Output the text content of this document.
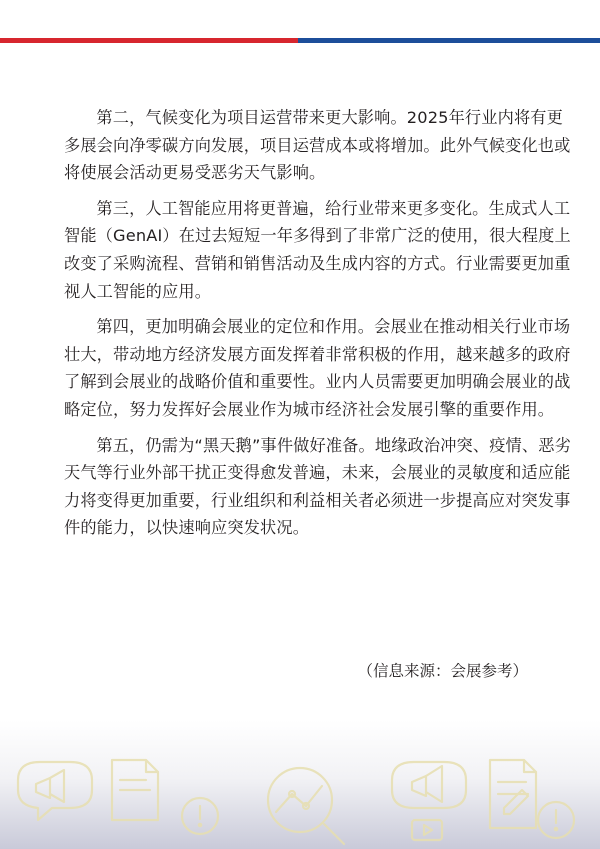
第二，气候变化为项目运营带来更大影响。2025年行业内将有更多展会向净零碳方向发展，项目运营成本或将增加。此外气候变化也或将使展会活动更易受恶劣天气影响。

第三，人工智能应用将更普遍，给行业带来更多变化。生成式人工智能（GenAI）在过去短短一年多得到了非常广泛的使用，很大程度上改变了采购流程、营销和销售活动及生成内容的方式。行业需要更加重视人工智能的应用。

第四，更加明确会展业的定位和作用。会展业在推动相关行业市场壮大，带动地方经济发展方面发挥着非常积极的作用，越来越多的政府了解到会展业的战略价值和重要性。业内人员需要更加明确会展业的战略定位，努力发挥好会展业作为城市经济社会发展引擎的重要作用。

第五，仍需为“黑天鹅”事件做好准备。地缘政治冲突、疫情、恶劣天气等行业外部干扰正变得愈发普遍，未来，会展业的灵敏度和适应能力将变得更加重要，行业组织和利益相关者必须进一步提高应对突发事件的能力，以快速响应突发状况。

（信息来源：会展参考）
